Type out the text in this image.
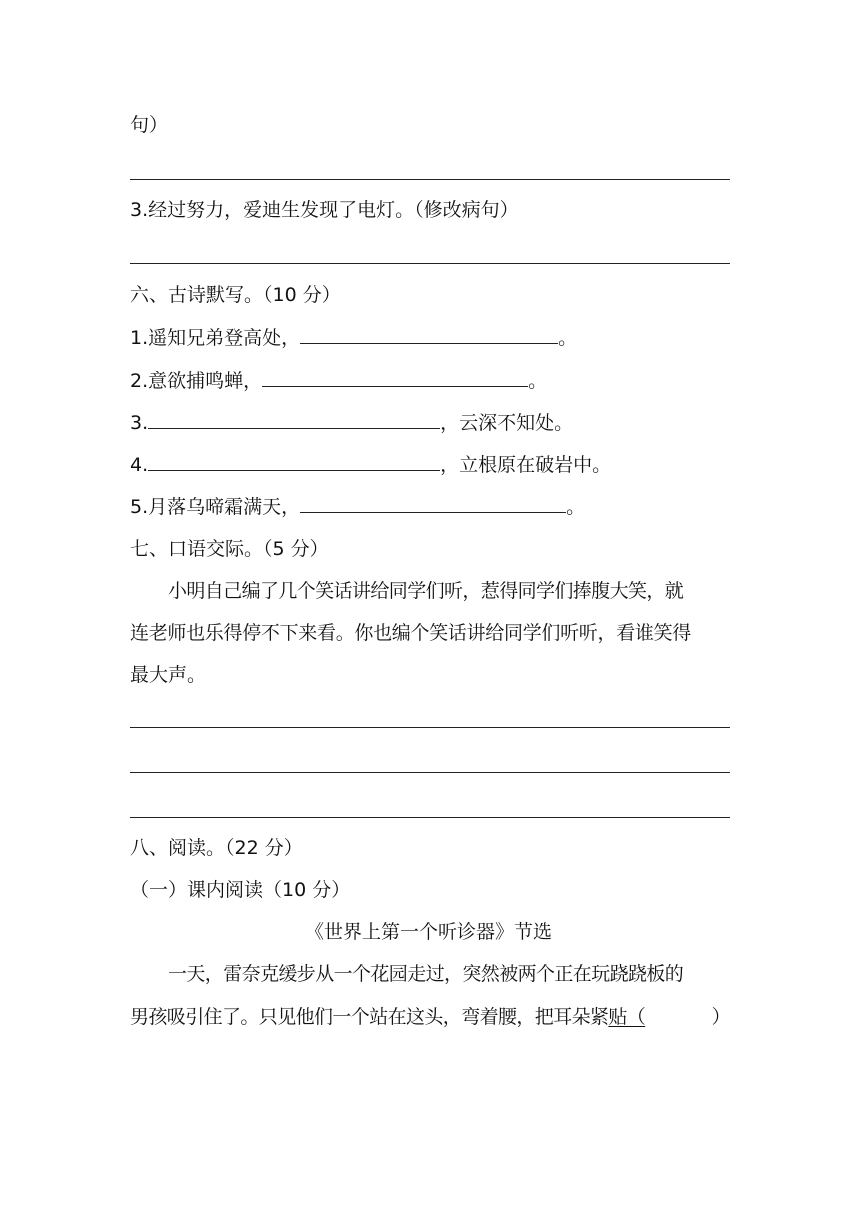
句）
3.经过努力，爱迪生发现了电灯。（修改病句）
六、古诗默写。（10 分）
1.遥知兄弟登高处，	。
2.意欲捕鸣蝉，	。
3.	，云深不知处。
4.	，立根原在破岩中。
5.月落乌啼霜满天，	。
七、口语交际。（5 分）
小明自己编了几个笑话讲给同学们听，惹得同学们捧腹大笑，就
连老师也乐得停不下来看。你也编个笑话讲给同学们听听，看谁笑得
最大声。
八、阅读。（22 分）
（一）课内阅读（10 分）
《世界上第一个听诊器》节选
一天，雷奈克缓步从一个花园走过，突然被两个正在玩跷跷板的
男孩吸引住了。只见他们一个站在这头，弯着腰，把耳朵紧贴（	）
